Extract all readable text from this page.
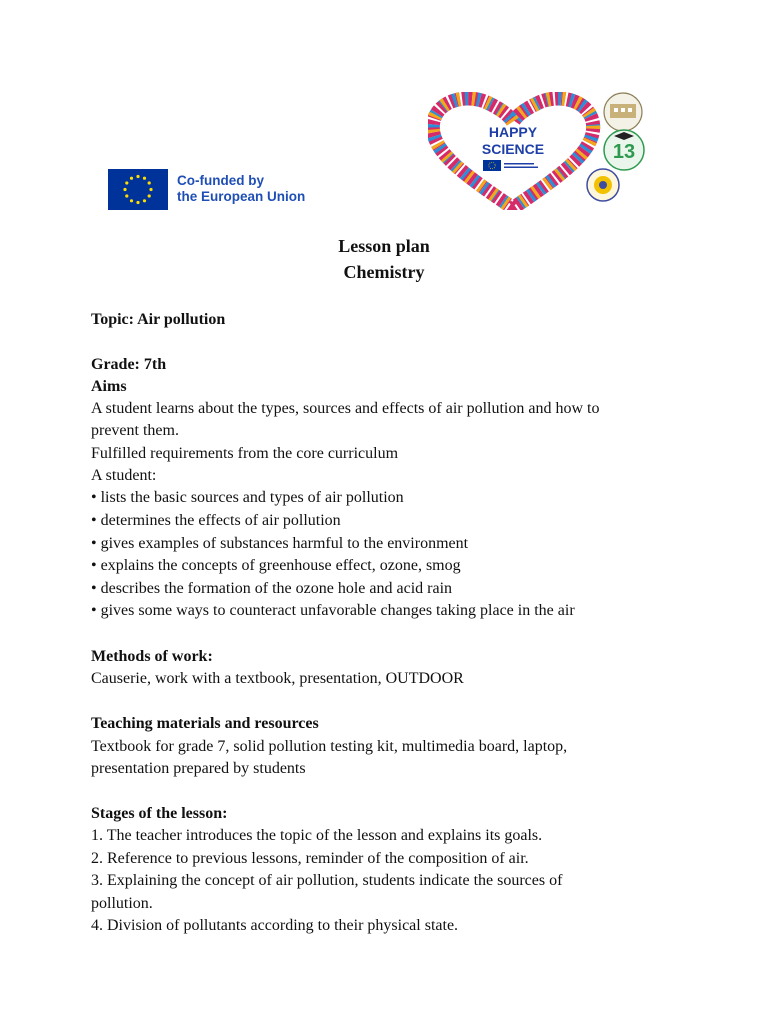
Co-funded by
the European Union
HAPPY
SCIENCE	13
Lesson plan
Chemistry
Topic: Air pollution
Grade: 7th
Aims
A student learns about the types, sources and effects of air pollution and how to
prevent them.
Fulfilled requirements from the core curriculum
A student:
• lists the basic sources and types of air pollution
• determines the effects of air pollution
• gives examples of substances harmful to the environment
• explains the concepts of greenhouse effect, ozone, smog
• describes the formation of the ozone hole and acid rain
• gives some ways to counteract unfavorable changes taking place in the air
Methods of work:
Causerie, work with a textbook, presentation, OUTDOOR
Teaching materials and resources
Textbook for grade 7, solid pollution testing kit, multimedia board, laptop,
presentation prepared by students
Stages of the lesson:
1. The teacher introduces the topic of the lesson and explains its goals.
2. Reference to previous lessons, reminder of the composition of air.
3. Explaining the concept of air pollution, students indicate the sources of
pollution.
4. Division of pollutants according to their physical state.
